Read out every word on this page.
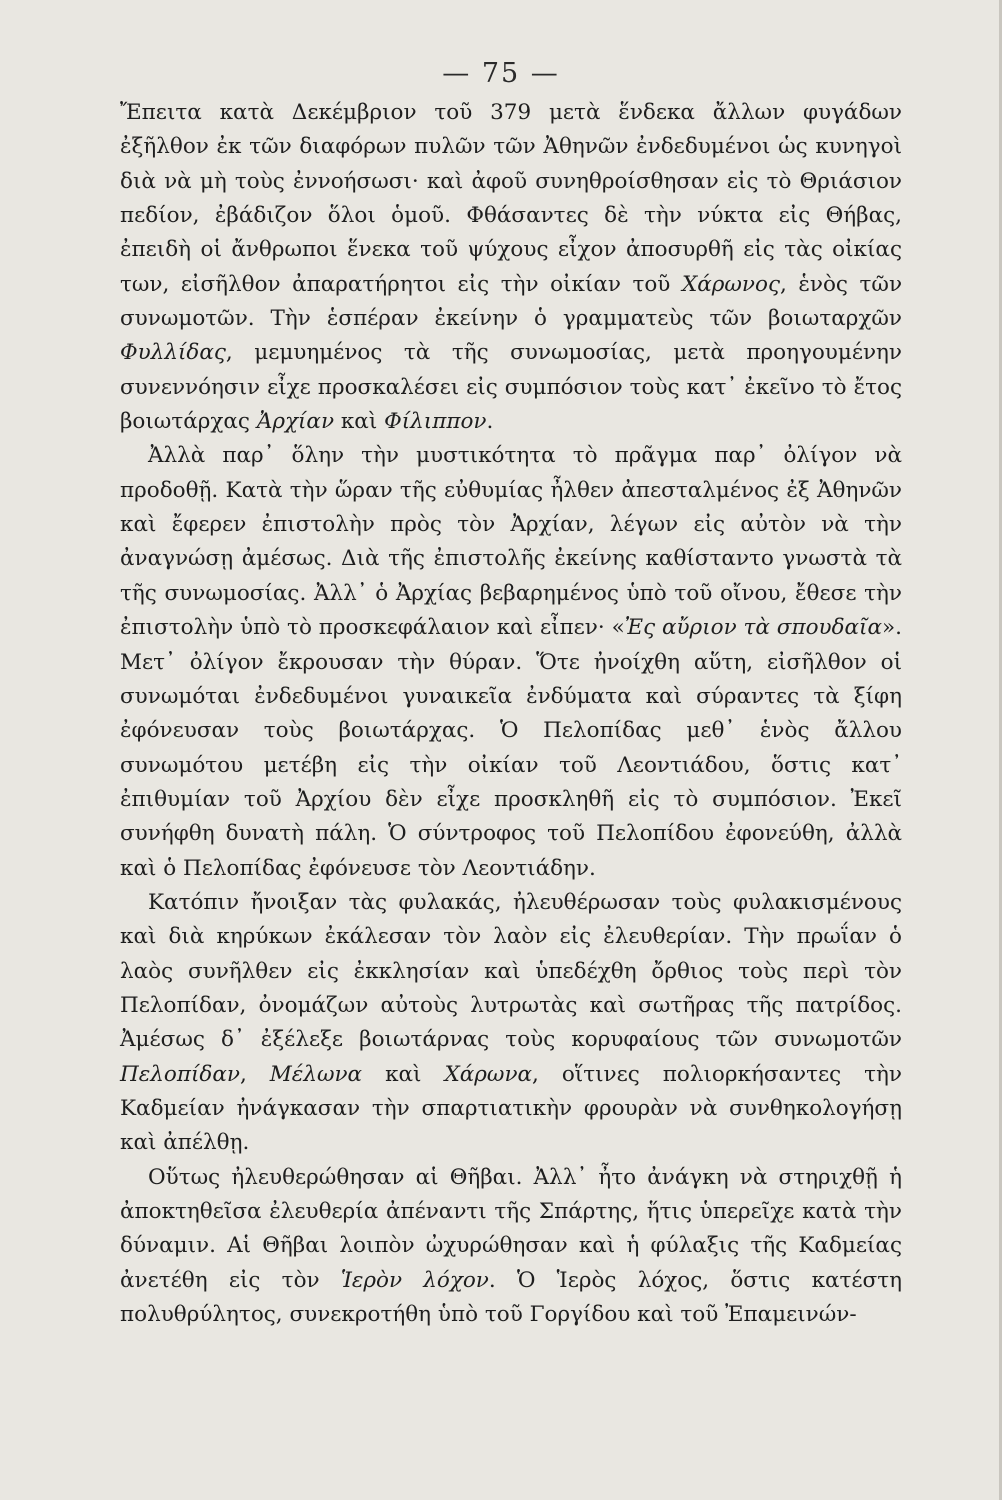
— 75 —

Ἔπειτα κατὰ Δεκέμβριον τοῦ 379 μετὰ ἕνδεκα ἄλλων φυγάδων ἐξῆλθον ἐκ τῶν διαφόρων πυλῶν τῶν Ἀθηνῶν ἐνδεδυμένοι ὡς κυνηγοὶ διὰ νὰ μὴ τοὺς ἐννοήσωσι· καὶ ἀφοῦ συνηθροίσθησαν εἰς τὸ Θριάσιον πεδίον, ἐβάδιζον ὅλοι ὁμοῦ. Φθάσαντες δὲ τὴν νύκτα εἰς Θήβας, ἐπειδὴ οἱ ἄνθρωποι ἕνεκα τοῦ ψύχους εἶχον ἀποσυρθῆ εἰς τὰς οἰκίας των, εἰσῆλθον ἀπαρατήρητοι εἰς τὴν οἰκίαν τοῦ Χάρωνος, ἑνὸς τῶν συνωμοτῶν. Τὴν ἑσπέραν ἐκείνην ὁ γραμματεὺς τῶν βοιωταρχῶν Φυλλίδας, μεμυημένος τὰ τῆς συνωμοσίας, μετὰ προηγουμένην συνεννόησιν εἶχε προσκαλέσει εἰς συμπόσιον τοὺς κατ᾿ ἐκεῖνο τὸ ἔτος βοιωτάρχας Ἀρχίαν καὶ Φίλιππον.

Ἀλλὰ παρ᾿ ὅλην τὴν μυστικότητα τὸ πρᾶγμα παρ᾿ ὀλίγον νὰ προδοθῇ. Κατὰ τὴν ὥραν τῆς εὐθυμίας ἦλθεν ἀπεσταλμένος ἐξ Ἀθηνῶν καὶ ἔφερεν ἐπιστολὴν πρὸς τὸν Ἀρχίαν, λέγων εἰς αὐτὸν νὰ τὴν ἀναγνώσῃ ἀμέσως. Διὰ τῆς ἐπιστολῆς ἐκείνης καθίσταντο γνωστὰ τὰ τῆς συνωμοσίας. Ἀλλ᾿ ὁ Ἀρχίας βεβαρημένος ὑπὸ τοῦ οἴνου, ἔθεσε τὴν ἐπιστολὴν ὑπὸ τὸ προσκεφάλαιον καὶ εἶπεν· «Ἐς αὔριον τὰ σπουδαῖα». Μετ᾿ ὀλίγον ἔκρουσαν τὴν θύραν. Ὅτε ἠνοίχθη αὕτη, εἰσῆλθον οἱ συνωμόται ἐνδεδυμένοι γυναικεῖα ἐνδύματα καὶ σύραντες τὰ ξίφη ἐφόνευσαν τοὺς βοιωτάρχας. Ὁ Πελοπίδας μεθ᾿ ἑνὸς ἄλλου συνωμότου μετέβη εἰς τὴν οἰκίαν τοῦ Λεοντιάδου, ὅστις κατ᾿ ἐπιθυμίαν τοῦ Ἀρχίου δὲν εἶχε προσκληθῆ εἰς τὸ συμπόσιον. Ἐκεῖ συνήφθη δυνατὴ πάλη. Ὁ σύντροφος τοῦ Πελοπίδου ἐφονεύθη, ἀλλὰ καὶ ὁ Πελοπίδας ἐφόνευσε τὸν Λεοντιάδην.

Κατόπιν ἤνοιξαν τὰς φυλακάς, ἠλευθέρωσαν τοὺς φυλακισμένους καὶ διὰ κηρύκων ἐκάλεσαν τὸν λαὸν εἰς ἐλευθερίαν. Τὴν πρωΐαν ὁ λαὸς συνῆλθεν εἰς ἐκκλησίαν καὶ ὑπεδέχθη ὄρθιος τοὺς περὶ τὸν Πελοπίδαν, ὀνομάζων αὐτοὺς λυτρωτὰς καὶ σωτῆρας τῆς πατρίδος. Ἀμέσως δ᾿ ἐξέλεξε βοιωτάρνας τοὺς κορυφαίους τῶν συνωμοτῶν Πελοπίδαν, Μέλωνα καὶ Χάρωνα, οἵτινες πολιορκήσαντες τὴν Καδμείαν ἠνάγκασαν τὴν σπαρτιατικὴν φρουρὰν νὰ συνθηκολογήσῃ καὶ ἀπέλθῃ.

Οὕτως ἠλευθερώθησαν αἱ Θῆβαι. Ἀλλ᾿ ἦτο ἀνάγκη νὰ στηριχθῇ ἡ ἀποκτηθεῖσα ἐλευθερία ἀπέναντι τῆς Σπάρτης, ἥτις ὑπερεῖχε κατὰ τὴν δύναμιν. Αἱ Θῆβαι λοιπὸν ὠχυρώθησαν καὶ ἡ φύλαξις τῆς Καδμείας ἀνετέθη εἰς τὸν Ἱερὸν λόχον. Ὁ Ἱερὸς λόχος, ὅστις κατέστη πολυθρύλητος, συνεκροτήθη ὑπὸ τοῦ Γοργίδου καὶ τοῦ Ἐπαμεινών-
